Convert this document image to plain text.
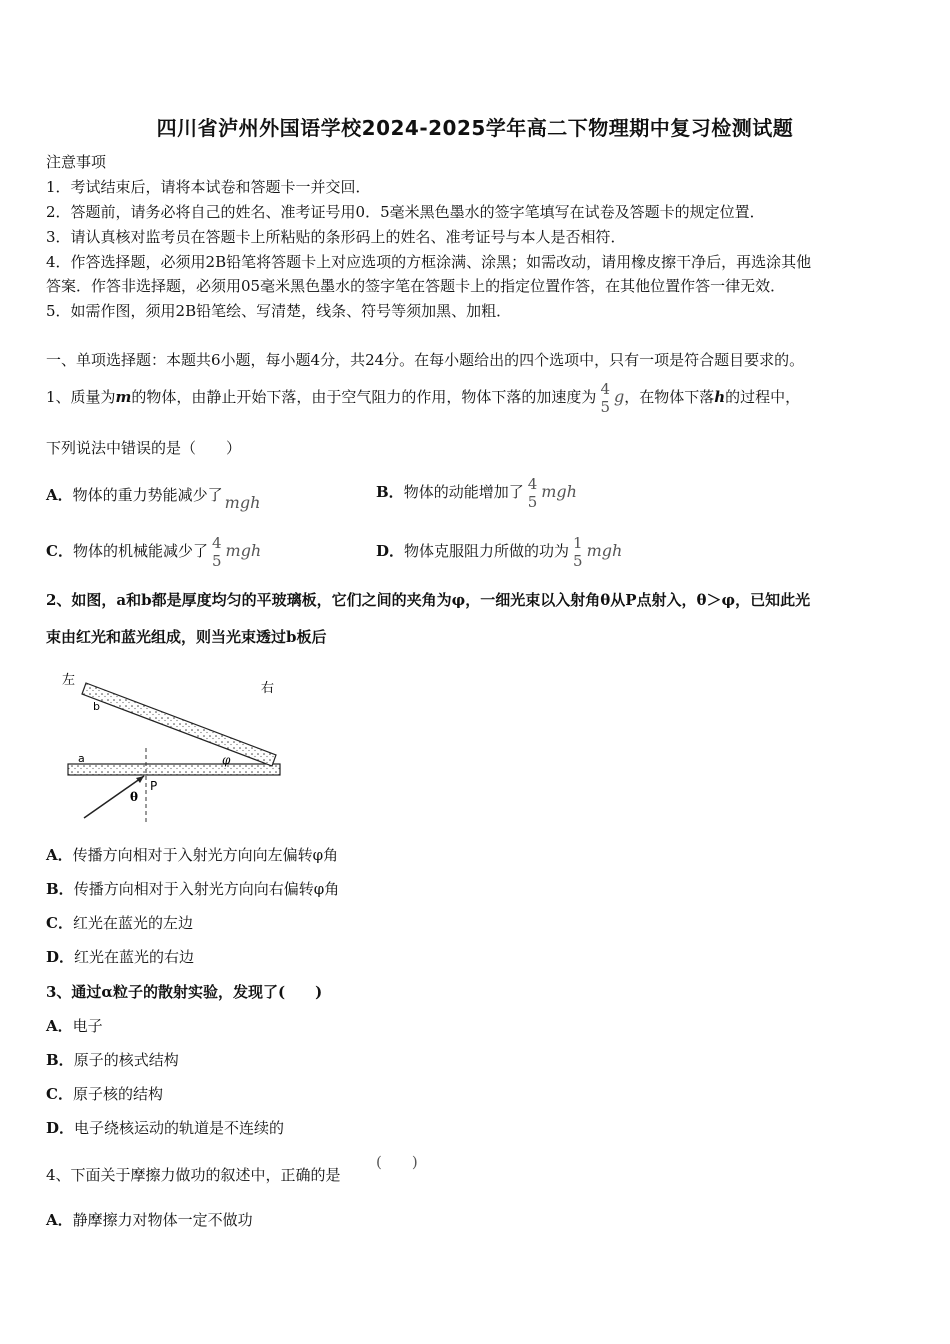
四川省泸州外国语学校2024-2025学年高二下物理期中复习检测试题
注意事项
1．考试结束后，请将本试卷和答题卡一并交回．
2．答题前，请务必将自己的姓名、准考证号用0．5毫米黑色墨水的签字笔填写在试卷及答题卡的规定位置．
3．请认真核对监考员在答题卡上所粘贴的条形码上的姓名、准考证号与本人是否相符．
4．作答选择题，必须用2B铅笔将答题卡上对应选项的方框涂满、涂黑；如需改动，请用橡皮擦干净后，再选涂其他
答案．作答非选择题，必须用05毫米黑色墨水的签字笔在答题卡上的指定位置作答，在其他位置作答一律无效．
5．如需作图，须用2B铅笔绘、写清楚，线条、符号等须加黑、加粗．
一、单项选择题：本题共6小题，每小题4分，共24分。在每小题给出的四个选项中，只有一项是符合题目要求的。
1、质量为m的物体，由静止开始下落，由于空气阻力的作用，物体下落的加速度为 4
5
g，在物体下落h的过程中，
下列说法中错误的是（　　）
A．物体的重力势能减少了 mgh
B．物体的动能增加了 4
5
mgh
C．物体的机械能减少了 4
5
mgh	D．物体克服阻力所做的功为 1
5
mgh
2、如图，a和b都是厚度均匀的平玻璃板，它们之间的夹角为φ，一细光束以入射角θ从P点射入，θ＞φ，已知此光
束由红光和蓝光组成，则当光束透过b板后
左
右
a
b
φ
P
θ
A．传播方向相对于入射光方向向左偏转φ角
B．传播方向相对于入射光方向向右偏转φ角
C．红光在蓝光的左边
D．红光在蓝光的右边
3、通过α粒子的散射实验，发现了(　　)
A．电子
B．原子的核式结构
C．原子核的结构
D．电子绕核运动的轨道是不连续的
4、下面关于摩擦力做功的叙述中，正确的是
(　　)
A．静摩擦力对物体一定不做功
